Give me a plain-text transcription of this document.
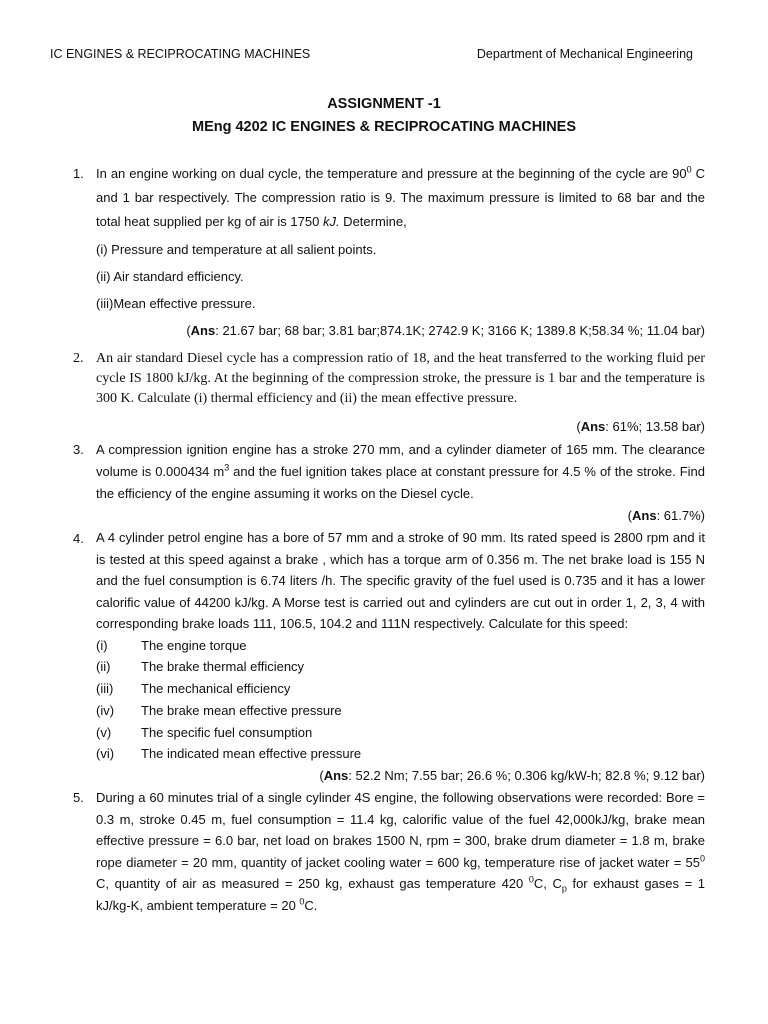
IC ENGINES & RECIPROCATING MACHINES	Department of Mechanical Engineering
ASSIGNMENT -1
MEng 4202 IC ENGINES & RECIPROCATING MACHINES
1. In an engine working on dual cycle, the temperature and pressure at the beginning of the cycle are $90^0$ C and 1 bar respectively. The compression ratio is 9. The maximum pressure is limited to 68 bar and the total heat supplied per kg of air is 1750 kJ. Determine,
(i) Pressure and temperature at all salient points.
(ii) Air standard efficiency.
(iii)Mean effective pressure.
(Ans: 21.67 bar; 68 bar; 3.81 bar;874.1K; 2742.9 K; 3166 K; 1389.8 K;58.34 %; 11.04 bar)
2. An air standard Diesel cycle has a compression ratio of 18, and the heat transferred to the working fluid per cycle IS 1800 kJ/kg. At the beginning of the compression stroke, the pressure is 1 bar and the temperature is 300 K. Calculate (i) thermal efficiency and (ii) the mean effective pressure.
(Ans: 61%; 13.58 bar)
3. A compression ignition engine has a stroke 270 mm, and a cylinder diameter of 165 mm. The clearance volume is 0.000434 $m^3$ and the fuel ignition takes place at constant pressure for 4.5 % of the stroke. Find the efficiency of the engine assuming it works on the Diesel cycle.
(Ans: 61.7%)
4. A 4 cylinder petrol engine has a bore of 57 mm and a stroke of 90 mm. Its rated speed is 2800 rpm and it is tested at this speed against a brake , which has a torque arm of 0.356 m. The net brake load is 155 N and the fuel consumption is 6.74 liters /h. The specific gravity of the fuel used is 0.735 and it has a lower calorific value of 44200 kJ/kg. A Morse test is carried out and cylinders are cut out in order 1, 2, 3, 4 with corresponding brake loads 111, 106.5, 104.2 and 111N respectively. Calculate for this speed:
(i)	The engine torque
(ii)	The brake thermal efficiency
(iii)	The mechanical efficiency
(iv)	The brake mean effective pressure
(v)	The specific fuel consumption
(vi)	The indicated mean effective pressure
(Ans: 52.2 Nm; 7.55 bar; 26.6 %; 0.306 kg/kW-h; 82.8 %; 9.12 bar)
5. During a 60 minutes trial of a single cylinder 4S engine, the following observations were recorded: Bore = 0.3 m, stroke 0.45 m, fuel consumption = 11.4 kg, calorific value of the fuel 42,000kJ/kg, brake mean effective pressure = 6.0 bar, net load on brakes 1500 N, rpm = 300, brake drum diameter = 1.8 m, brake rope diameter = 20 mm, quantity of jacket cooling water = 600 kg, temperature rise of jacket water = $55^0$ C, quantity of air as measured = 250 kg, exhaust gas temperature 420 $^0$C, $C_p$ for exhaust gases = 1 kJ/kg-K, ambient temperature = 20 $^0$C.
